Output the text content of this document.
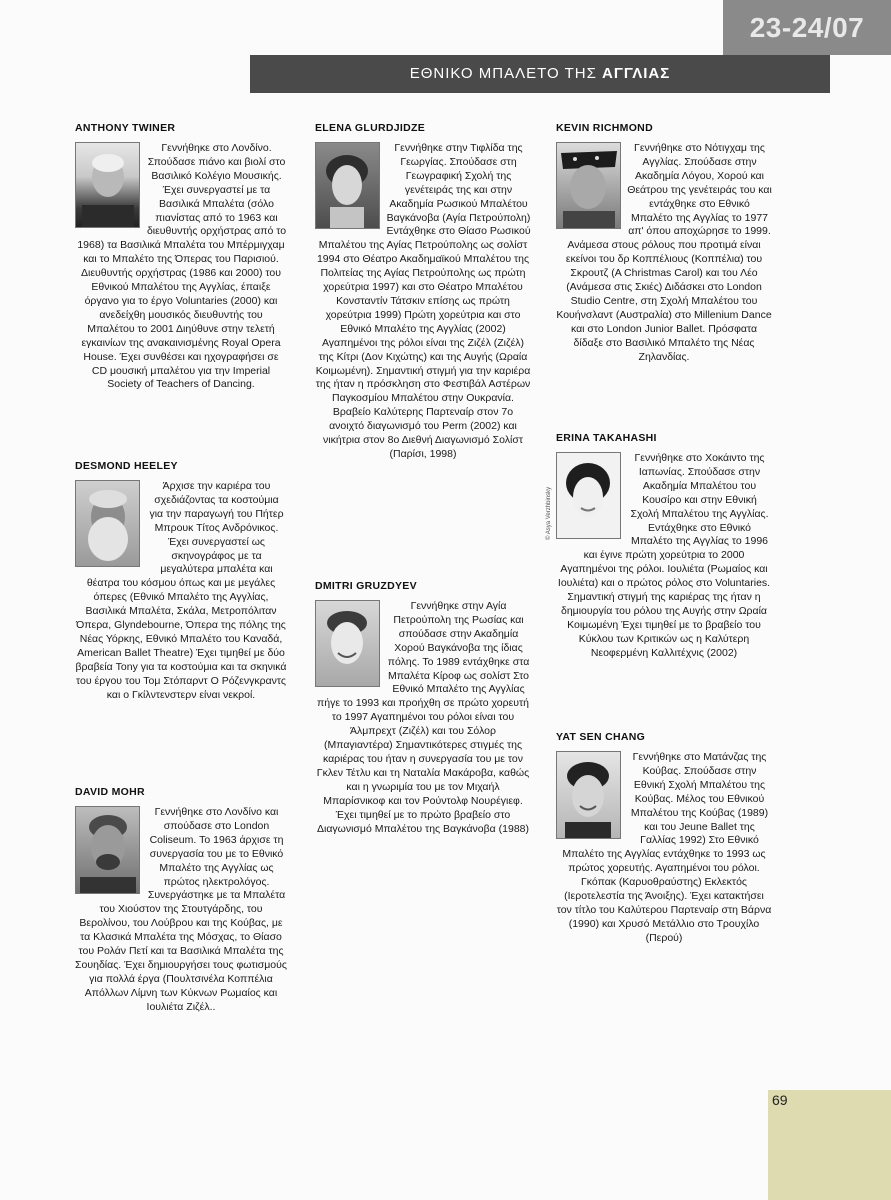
23-24/07
ΕΘΝΙΚΟ ΜΠΑΛΕΤΟ ΤΗΣ ΑΓΓΛΙΑΣ
ANTHONY TWINER

Γεννήθηκε στο Λονδίνο. Σπούδασε πιάνο και βιολί στο Βασιλικό Κολέγιο Μουσικής. Έχει συνεργαστεί με τα Βασιλικά Μπαλέτα (σόλο πιανίστας από το 1963 και διευθυντής ορχήστρας από το 1968) τα Βασιλικά Μπαλέτα του Μπέρμιγχαμ και το Μπαλέτο της Όπερας του Παρισιού. Διευθυντής ορχήστρας (1986 και 2000) του Εθνικού Μπαλέτου της Αγγλίας, έπαιξε όργανο για το έργο Voluntaries (2000) και ανεδείχθη μουσικός διευθυντής του Μπαλέτου το 2001 Διηύθυνε στην τελετή εγκαινίων της ανακαινισμένης Royal Opera House. Έχει συνθέσει και ηχογραφήσει σε CD μουσική μπαλέτου για την Imperial Society of Teachers of Dancing.

DESMOND HEELEY

Άρχισε την καριέρα του σχεδιάζοντας τα κοστούμια για την παραγωγή του Πήτερ Μπρουκ Τίτος Ανδρόνικος. Έχει συνεργαστεί ως σκηνογράφος με τα μεγαλύτερα μπαλέτα και θέατρα του κόσμου όπως και με μεγάλες όπερες (Εθνικό Μπαλέτο της Αγγλίας, Βασιλικά Μπαλέτα, Σκάλα, Μετροπόλιταν Όπερα, Glyndebourne, Όπερα της πόλης της Νέας Υόρκης, Εθνικό Μπαλέτο του Καναδά, American Ballet Theatre) Έχει τιμηθεί με δύο βραβεία Tony για τα κοστούμια και τα σκηνικά του έργου του Τομ Στόπαρντ Ο Ρόζενγκραντς και ο Γκίλντενστερν είναι νεκροί.

DAVID MOHR

Γεννήθηκε στο Λονδίνο και σπούδασε στο London Coliseum. Το 1963 άρχισε τη συνεργασία του με το Εθνικό Μπαλέτο της Αγγλίας ως πρώτος ηλεκτρολόγος. Συνεργάστηκε με τα Μπαλέτα του Χιούστον της Στουτγάρδης, του Βερολίνου, του Λούβρου και της Κούβας, με τα Κλασικά Μπαλέτα της Μόσχας, το Θίασο του Ρολάν Πετί και τα Βασιλικά Μπαλέτα της Σουηδίας. Έχει δημιουργήσει τους φωτισμούς για πολλά έργα (Πουλτσινέλα Κοππέλια Απόλλων Λίμνη των Κύκνων Ρωμαίος και Ιουλιέτα Ζιζέλ..

ELENA GLURDJIDZE

Γεννήθηκε στην Τιφλίδα της Γεωργίας. Σπούδασε στη Γεωγραφική Σχολή της γενέτειράς της και στην Ακαδημία Ρωσικού Μπαλέτου Βαγκάνοβα (Αγία Πετρούπολη) Εντάχθηκε στο Θίασο Ρωσικού Μπαλέτου της Αγίας Πετρούπολης ως σολίστ 1994 στο Θέατρο Ακαδημαϊκού Μπαλέτου της Πολιτείας της Αγίας Πετρούπολης ως πρώτη χορεύτρια 1997) και στο Θέατρο Μπαλέτου Κονσταντίν Τάτσκιν επίσης ως πρώτη χορεύτρια 1999) Πρώτη χορεύτρια και στο Εθνικό Μπαλέτο της Αγγλίας (2002) Αγαπημένοι της ρόλοι είναι της Ζιζέλ (Ζιζέλ) της Κίτρι (Δον Κιχώτης) και της Αυγής (Ωραία Κοιμωμένη). Σημαντική στιγμή για την καριέρα της ήταν η πρόσκληση στο Φεστιβάλ Αστέρων Παγκοσμίου Μπαλέτου στην Ουκρανία. Βραβείο Καλύτερης Παρτεναίρ στον 7ο ανοιχτό διαγωνισμό του Perm (2002) και νικήτρια στον 8ο Διεθνή Διαγωνισμό Σολίστ (Παρίσι, 1998)

DMITRI GRUZDYEV

Γεννήθηκε στην Αγία Πετρούπολη της Ρωσίας και σπούδασε στην Ακαδημία Χορού Βαγκάνοβα της ίδιας πόλης. Το 1989 εντάχθηκε στα Μπαλέτα Κίροφ ως σολίστ Στο Εθνικό Μπαλέτο της Αγγλίας πήγε το 1993 και προήχθη σε πρώτο χορευτή το 1997 Αγαπημένοι του ρόλοι είναι του Άλμπρεχτ (Ζιζέλ) και του Σόλορ (Μπαγιαντέρα) Σημαντικότερες στιγμές της καριέρας του ήταν η συνεργασία του με τον Γκλεν Τέτλυ και τη Ναταλία Μακάροβα, καθώς και η γνωριμία του με τον Μιχαήλ Μπαρίσνικοφ και τον Ρούντολφ Νουρέγιεφ. Έχει τιμηθεί με το πρώτο βραβείο στο Διαγωνισμό Μπαλέτου της Βαγκάνοβα (1988)

KEVIN RICHMOND

Γεννήθηκε στο Νότιγχαμ της Αγγλίας. Σπούδασε στην Ακαδημία Λόγου, Χορού και Θεάτρου της γενέτειράς του και εντάχθηκε στο Εθνικό Μπαλέτο της Αγγλίας το 1977 απ' όπου αποχώρησε το 1999. Ανάμεσα στους ρόλους που προτιμά είναι εκείνοι του δρ Κοππέλιους (Κοππέλια) του Σκρουτζ (A Christmas Carol) και του Λέο (Ανάμεσα στις Σκιές) Διδάσκει στο London Studio Centre, στη Σχολή Μπαλέτου του Κουήνσλαντ (Αυστραλία) στο Millenium Dance και στο London Junior Ballet. Πρόσφατα δίδαξε στο Βασιλικό Μπαλέτο της Νέας Ζηλανδίας.

ERINA TAKAHASHI

Γεννήθηκε στο Χοκάιντο της Ιαπωνίας. Σπούδασε στην Ακαδημία Μπαλέτου του Κουσίρο και στην Εθνική Σχολή Μπαλέτου της Αγγλίας. Εντάχθηκε στο Εθνικό Μπαλέτο της Αγγλίας το 1996 και έγινε πρώτη χορεύτρια το 2000 Αγαπημένοι της ρόλοι. Ιουλιέτα (Ρωμαίος και Ιουλιέτα) και ο πρώτος ρόλος στο Voluntaries. Σημαντική στιγμή της καριέρας της ήταν η δημιουργία του ρόλου της Αυγής στην Ωραία Κοιμωμένη Έχει τιμηθεί με το βραβείο του Κύκλου των Κριτικών ως η Καλύτερη Νεοφερμένη Καλλιτέχνις (2002)

© Asya Verzhbinsky
YAT SEN CHANG

Γεννήθηκε στο Ματάνζας της Κούβας. Σπούδασε στην Εθνική Σχολή Μπαλέτου της Κούβας. Μέλος του Εθνικού Μπαλέτου της Κούβας (1989) και του Jeune Ballet της Γαλλίας 1992) Στο Εθνικό Μπαλέτο της Αγγλίας εντάχθηκε το 1993 ως πρώτος χορευτής. Αγαπημένοι του ρόλοι. Γκόπακ (Καρυοθραύστης) Εκλεκτός (Ιεροτελεστία της Άνοιξης). Έχει κατακτήσει τον τίτλο του Καλύτερου Παρτεναίρ στη Βάρνα (1990) και Χρυσό Μετάλλιο στο Τρουχίλο (Περού)

69
